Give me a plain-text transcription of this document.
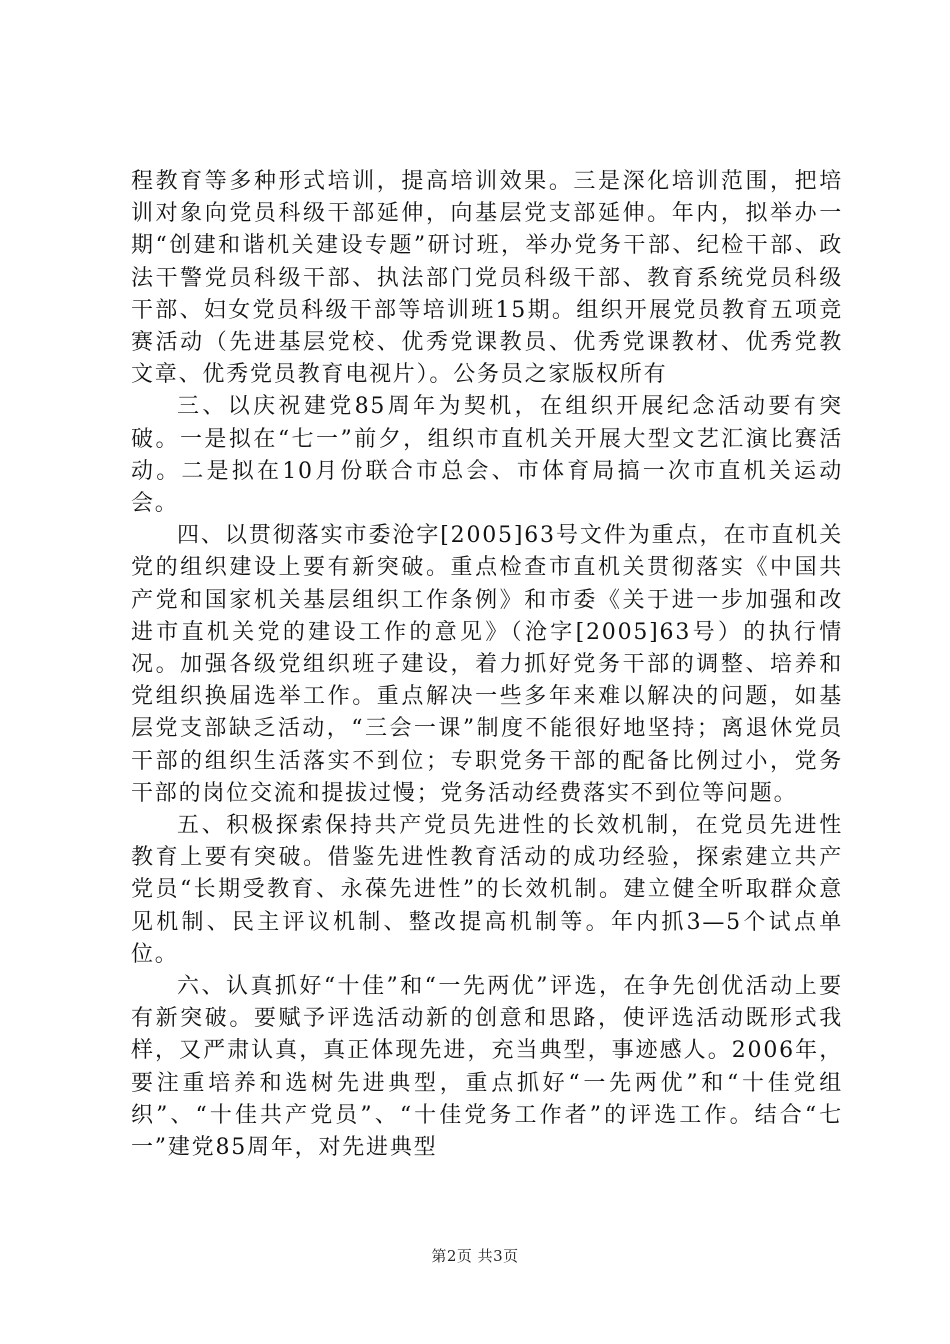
程教育等多种形式培训，提高培训效果。三是深化培训范围，把培训对象向党员科级干部延伸，向基层党支部延伸。年内，拟举办一期“创建和谐机关建设专题”研讨班，举办党务干部、纪检干部、政法干警党员科级干部、执法部门党员科级干部、教育系统党员科级干部、妇女党员科级干部等培训班15期。组织开展党员教育五项竞赛活动（先进基层党校、优秀党课教员、优秀党课教材、优秀党教文章、优秀党员教育电视片）。公务员之家版权所有

三、以庆祝建党85周年为契机，在组织开展纪念活动要有突破。一是拟在“七一”前夕，组织市直机关开展大型文艺汇演比赛活动。二是拟在10月份联合市总会、市体育局搞一次市直机关运动会。

四、以贯彻落实市委沧字[2005]63号文件为重点，在市直机关党的组织建设上要有新突破。重点检查市直机关贯彻落实《中国共产党和国家机关基层组织工作条例》和市委《关于进一步加强和改进市直机关党的建设工作的意见》（沧字[2005]63号）的执行情况。加强各级党组织班子建设，着力抓好党务干部的调整、培养和党组织换届选举工作。重点解决一些多年来难以解决的问题，如基层党支部缺乏活动，“三会一课”制度不能很好地坚持；离退休党员干部的组织生活落实不到位；专职党务干部的配备比例过小，党务干部的岗位交流和提拔过慢；党务活动经费落实不到位等问题。

五、积极探索保持共产党员先进性的长效机制，在党员先进性教育上要有突破。借鉴先进性教育活动的成功经验，探索建立共产党员“长期受教育、永葆先进性”的长效机制。建立健全听取群众意见机制、民主评议机制、整改提高机制等。年内抓3—5个试点单位。

六、认真抓好“十佳”和“一先两优”评选，在争先创优活动上要有新突破。要赋予评选活动新的创意和思路，使评选活动既形式我样，又严肃认真，真正体现先进，充当典型，事迹感人。2006年，要注重培养和选树先进典型，重点抓好“一先两优”和“十佳党组织”、“十佳共产党员”、“十佳党务工作者”的评选工作。结合“七一”建党85周年，对先进典型

第2页 共3页
